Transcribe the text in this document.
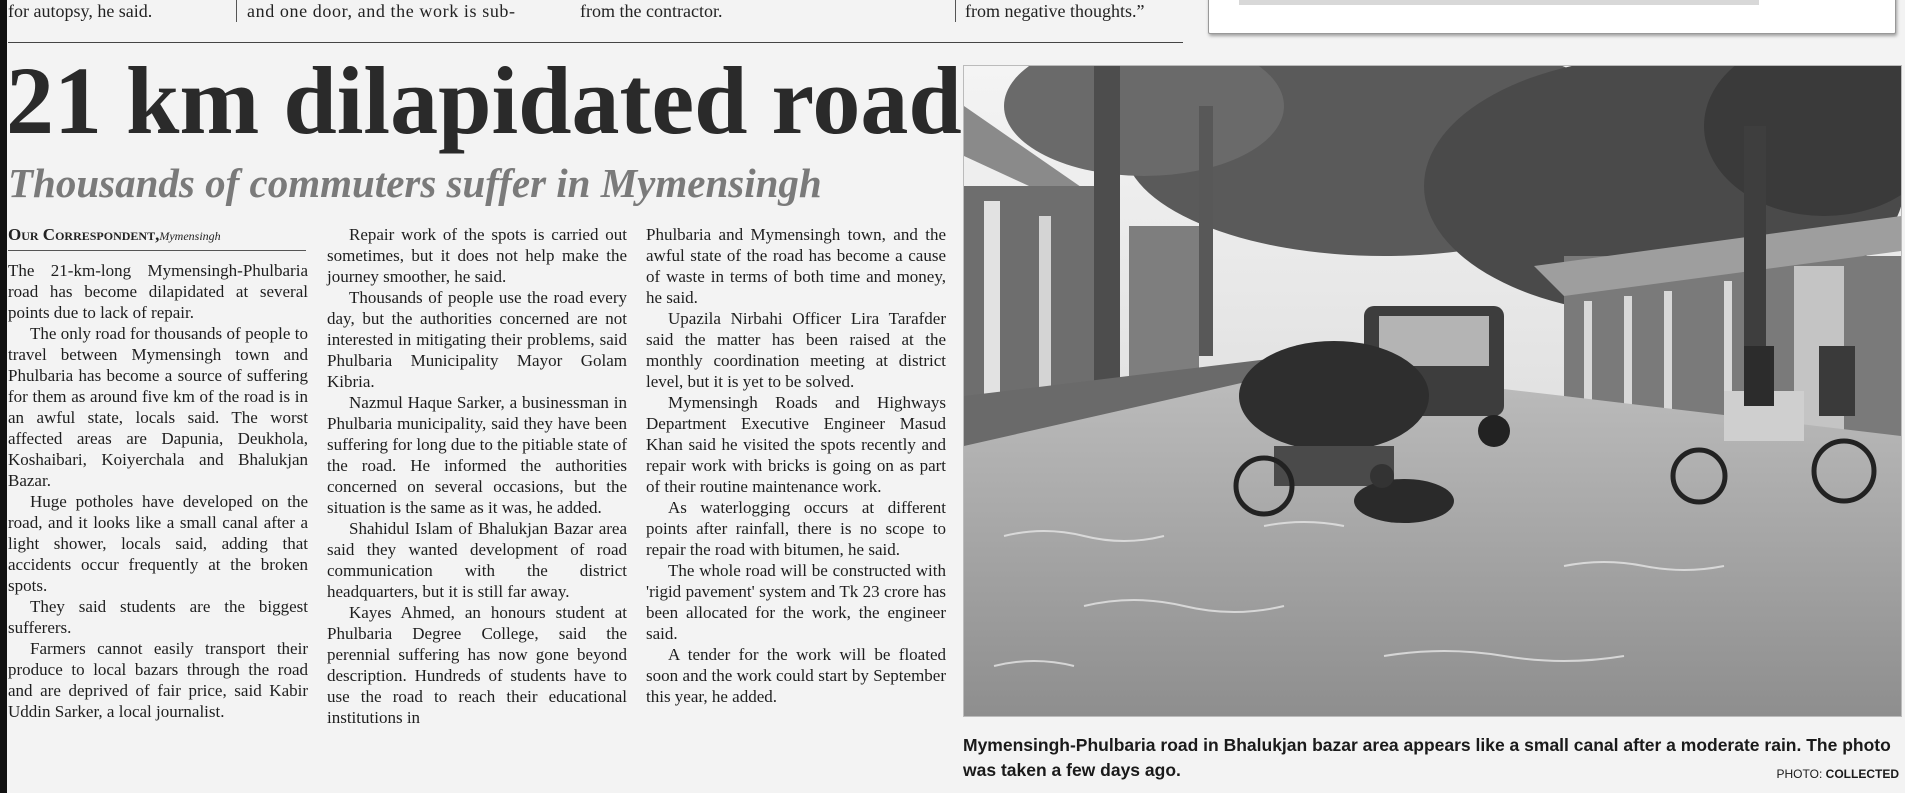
for autopsy, he said.	and one door, and the work is sub-	from the contractor.	from negative thoughts.”
21 km dilapidated road
Thousands of commuters suffer in Mymensingh
Our Correspondent,Mymensingh

The 21-km-long Mymensingh-Phulbaria road has become dilapidated at several points due to lack of repair.

The only road for thousands of people to travel between Mymensingh town and Phulbaria has become a source of suffering for them as around five km of the road is in an awful state, locals said. The worst affected areas are Dapunia, Deukhola, Koshaibari, Koiyerchala and Bhalukjan Bazar.

Huge potholes have developed on the road, and it looks like a small canal after a light shower, locals said, adding that accidents occur frequently at the broken spots.

They said students are the biggest sufferers.

Farmers cannot easily transport their produce to local bazars through the road and are deprived of fair price, said Kabir Uddin Sarker, a local journalist.

Repair work of the spots is carried out sometimes, but it does not help make the journey smoother, he said.

Thousands of people use the road every day, but the authorities concerned are not interested in mitigating their problems, said Phulbaria Municipality Mayor Golam Kibria.

Nazmul Haque Sarker, a businessman in Phulbaria municipality, said they have been suffering for long due to the pitiable state of the road. He informed the authorities concerned on several occasions, but the situation is the same as it was, he added.

Shahidul Islam of Bhalukjan Bazar area said they wanted development of road communication with the district headquarters, but it is still far away.

Kayes Ahmed, an honours student at Phulbaria Degree College, said the perennial suffering has now gone beyond description. Hundreds of students have to use the road to reach their educational institutions in

Phulbaria and Mymensingh town, and the awful state of the road has become a cause of waste in terms of both time and money, he said.

Upazila Nirbahi Officer Lira Tarafder said the matter has been raised at the monthly coordination meeting at district level, but it is yet to be solved.

Mymensingh Roads and Highways Department Executive Engineer Masud Khan said he visited the spots recently and repair work with bricks is going on as part of their routine maintenance work.

As waterlogging occurs at different points after rainfall, there is no scope to repair the road with bitumen, he said.

The whole road will be constructed with 'rigid pavement' system and Tk 23 crore has been allocated for the work, the engineer said.

A tender for the work will be floated soon and the work could start by September this year, he added.

Mymensingh-Phulbaria road in Bhalukjan bazar area appears like a small canal after a moderate rain. The photo was taken a few days ago.	PHOTO: COLLECTED
